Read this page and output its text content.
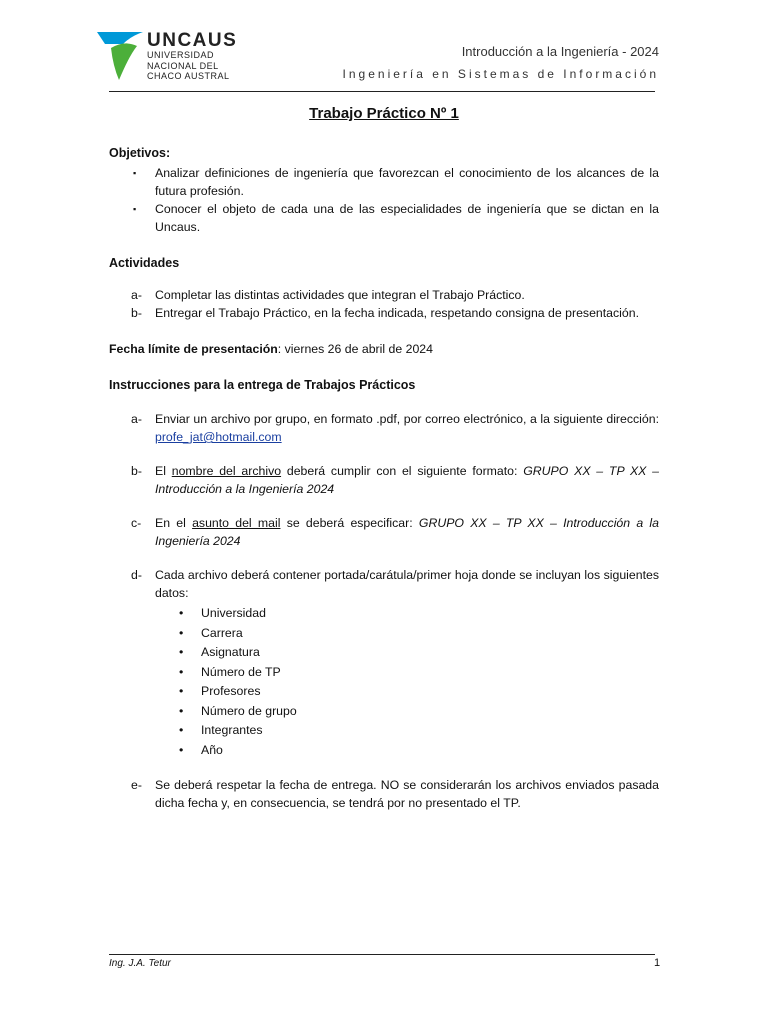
UNCAUS
UNIVERSIDAD
NACIONAL DEL
CHACO AUSTRAL
Introducción a la Ingeniería - 2024
Ingeniería en Sistemas de Información
Trabajo Práctico Nº 1
Objetivos:
▪ Analizar definiciones de ingeniería que favorezcan el conocimiento de los alcances de la futura profesión.
▪ Conocer el objeto de cada una de las especialidades de ingeniería que se dictan en la Uncaus.
Actividades
a- Completar las distintas actividades que integran el Trabajo Práctico.
b- Entregar el Trabajo Práctico, en la fecha indicada, respetando consigna de presentación.
Fecha límite de presentación: viernes 26 de abril de 2024
Instrucciones para la entrega de Trabajos Prácticos
a- Enviar un archivo por grupo, en formato .pdf, por correo electrónico, a la siguiente dirección: profe_jat@hotmail.com
b- El nombre del archivo deberá cumplir con el siguiente formato: GRUPO XX – TP XX – Introducción a la Ingeniería 2024
c- En el asunto del mail se deberá especificar: GRUPO XX – TP XX – Introducción a la Ingeniería 2024
d- Cada archivo deberá contener portada/carátula/primer hoja donde se incluyan los siguientes datos:
• Universidad
• Carrera
• Asignatura
• Número de TP
• Profesores
• Número de grupo
• Integrantes
• Año
e- Se deberá respetar la fecha de entrega. NO se considerarán los archivos enviados pasada dicha fecha y, en consecuencia, se tendrá por no presentado el TP.
Ing. J.A. Tetur	1
